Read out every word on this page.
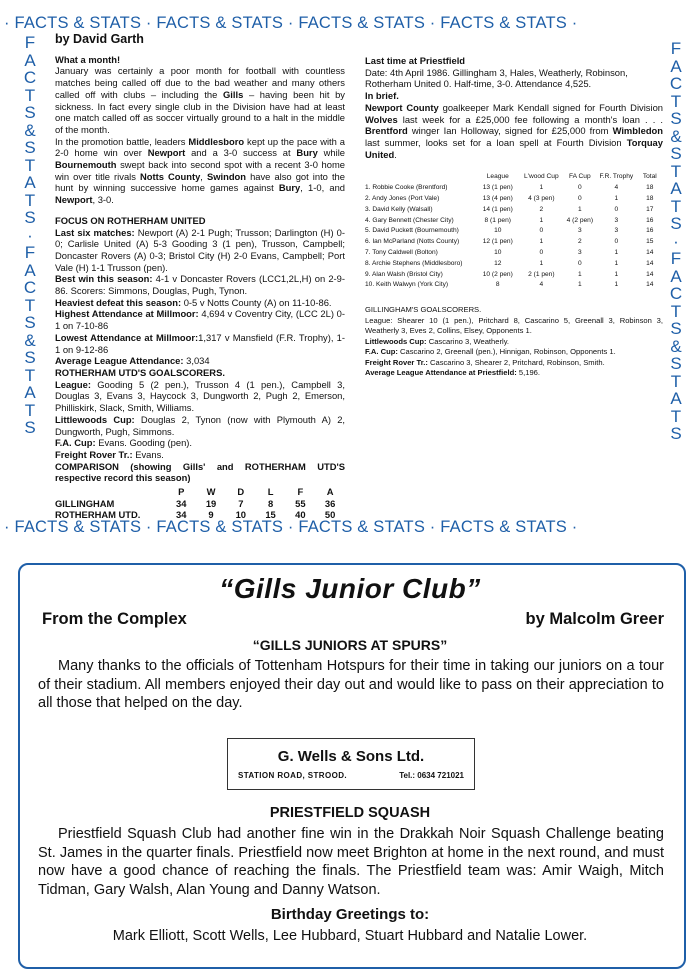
· FACTS & STATS · FACTS & STATS · FACTS & STATS · FACTS & STATS ·
F
A
C
T
S
&
S
T
A
T
S
·
F
A
C
T
S
&
S
T
A
T
S
F
A
C
T
S
&
S
T
A
T
S
·
F
A
C
T
S
&
S
T
A
T
S
by David Garth

What a month!

January was certainly a poor month for football with countless matches being called off due to the bad weather and many others called off with clubs – including the Gills – having been hit by sickness. In fact every single club in the Division have had at least one match called off as soccer virtually ground to a halt in the middle of the month.

In the promotion battle, leaders Middlesboro kept up the pace with a 2-0 home win over Newport and a 3-0 success at Bury while Bournemouth swept back into second spot with a recent 3-0 home win over title rivals Notts County, Swindon have also got into the hunt by winning successive home games against Bury, 1-0, and Newport, 3-0.

FOCUS ON ROTHERHAM UNITED

Last six matches: Newport (A) 2-1 Pugh; Trusson; Darlington (H) 0-0; Carlisle United (A) 5-3 Gooding 3 (1 pen), Trusson, Campbell; Doncaster Rovers (A) 0-3; Bristol City (H) 2-0 Evans, Campbell; Port Vale (H) 1-1 Trusson (pen).

Best win this season: 4-1 v Doncaster Rovers (LCC1,2L,H) on 2-9-86. Scorers: Simmons, Douglas, Pugh, Tynon.

Heaviest defeat this season: 0-5 v Notts County (A) on 11-10-86.

Highest Attendance at Millmoor: 4,694 v Coventry City, (LCC 2L) 0-1 on 7-10-86

Lowest Attendance at Millmoor:1,317 v Mansfield (F.R. Trophy), 1-1 on 9-12-86

Average League Attendance: 3,034

ROTHERHAM UTD'S GOALSCORERS.

League: Gooding 5 (2 pen.), Trusson 4 (1 pen.), Campbell 3, Douglas 3, Evans 3, Haycock 3, Dungworth 2, Pugh 2, Emerson, Philliskirk, Slack, Smith, Williams.

Littlewoods Cup: Douglas 2, Tynon (now with Plymouth A) 2, Dungworth, Pugh, Simmons.

F.A. Cup: Evans. Gooding (pen).

Freight Rover Tr.: Evans.

COMPARISON (showing Gills' and ROTHERHAM UTD'S respective record this season)

	P	W	D	L	F	A
GILLINGHAM	34	19	7	8	55	36
ROTHERHAM UTD.	34	9	10	15	40	50

Last time at Priestfield

Date: 4th April 1986. Gillingham 3, Hales, Weatherly, Robinson, Rotherham United 0. Half-time, 3-0. Attendance 4,525.

In brief.

Newport County goalkeeper Mark Kendall signed for Fourth Division Wolves last week for a £25,000 fee following a month's loan . . . Brentford winger Ian Holloway, signed for £25,000 from Wimbledon last summer, looks set for a loan spell at Fourth Division Torquay United.

	League	L'wood Cup	FA Cup	F.R. Trophy	Total
1. Robbie Cooke (Brentford)	13 (1 pen)	1	0	4	18
2. Andy Jones (Port Vale)	13 (4 pen)	4 (3 pen)	0	1	18
3. David Kelly (Walsall)	14 (1 pen)	2	1	0	17
4. Gary Bennett (Chester City)	8 (1 pen)	1	4 (2 pen)	3	16
5. David Puckett (Bournemouth)	10	0	3	3	16
6. Ian McParland (Notts County)	12 (1 pen)	1	2	0	15
7. Tony Caldwell (Bolton)	10	0	3	1	14
8. Archie Stephens (Middlesboro)	12	1	0	1	14
9. Alan Walsh (Bristol City)	10 (2 pen)	2 (1 pen)	1	1	14
10. Keith Walwyn (York City)	8	4	1	1	14

GILLINGHAM'S GOALSCORERS.

League: Shearer 10 (1 pen.), Pritchard 8, Cascarino 5, Greenall 3, Robinson 3, Weatherly 3, Eves 2, Collins, Elsey, Opponents 1.

Littlewoods Cup: Cascarino 3, Weatherly.

F.A. Cup: Cascarino 2, Greenall (pen.), Hinnigan, Robinson, Opponents 1.

Freight Rover Tr.: Cascarino 3, Shearer 2, Pritchard, Robinson, Smith.

Average League Attendance at Priestfield: 5,196.

· FACTS & STATS · FACTS & STATS · FACTS & STATS · FACTS & STATS ·
“Gills Junior Club”
From the Complex	by Malcolm Greer
“GILLS JUNIORS AT SPURS”
Many thanks to the officials of Tottenham Hotspurs for their time in taking our juniors on a tour of their stadium. All members enjoyed their day out and would like to pass on their appreciation to all those that helped on the day.
G. Wells & Sons Ltd.
STATION ROAD, STROOD.	Tel.: 0634 721021
PRIESTFIELD SQUASH
Priestfield Squash Club had another fine win in the Drakkah Noir Squash Challenge beating St. James in the quarter finals. Priestfield now meet Brighton at home in the next round, and must now have a good chance of reaching the finals. The Priestfield team was: Amir Waigh, Mitch Tidman, Gary Walsh, Alan Young and Danny Watson.
Birthday Greetings to:
Mark Elliott, Scott Wells, Lee Hubbard, Stuart Hubbard and Natalie Lower.
